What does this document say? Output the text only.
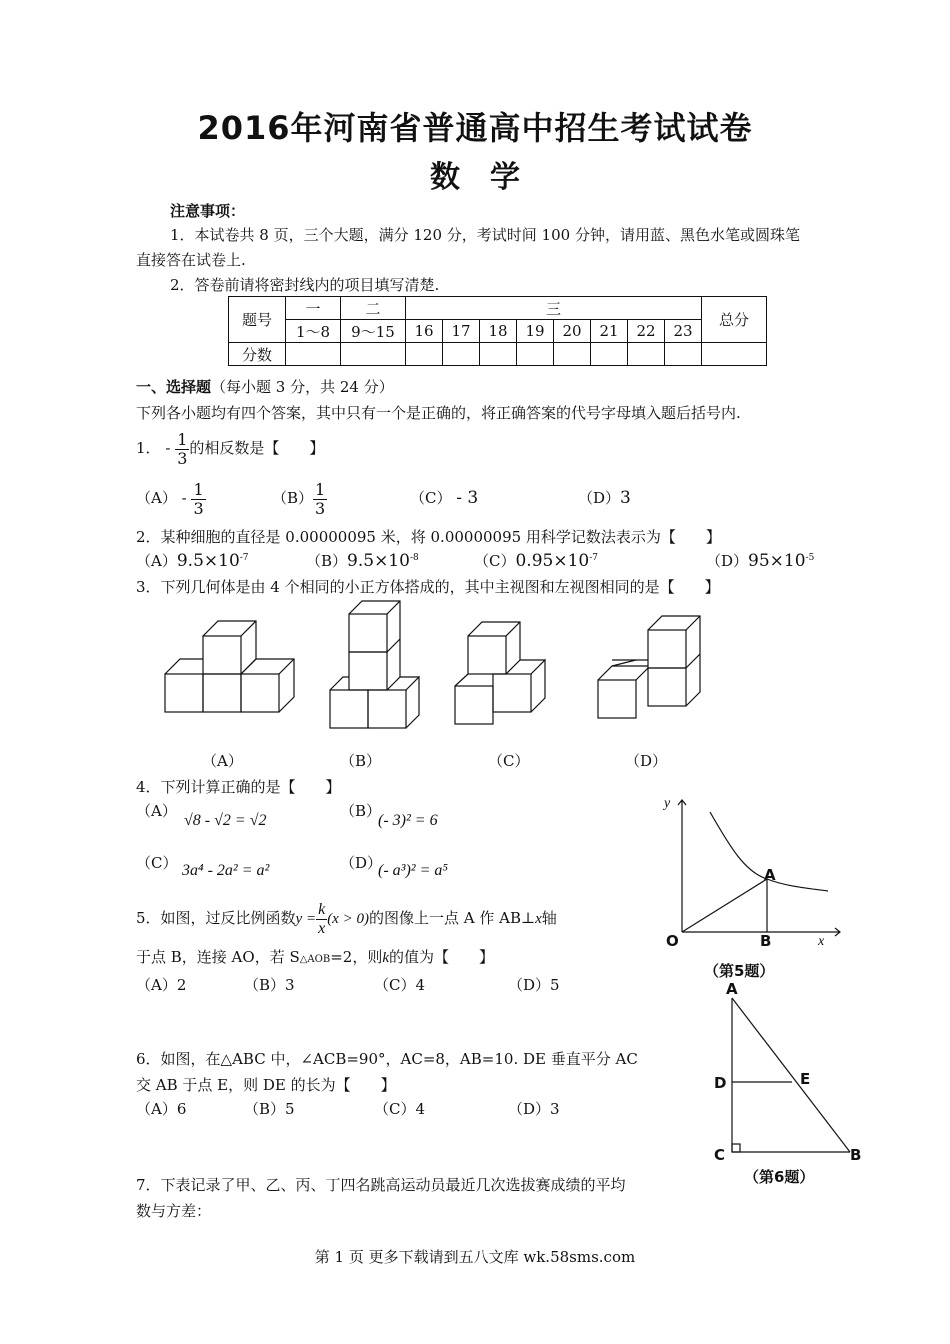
2016年河南省普通高中招生考试试卷
数　学
注意事项：
1．本试卷共 8 页，三个大题，满分 120 分，考试时间 100 分钟，请用蓝、黑色水笔或圆珠笔
直接答在试卷上.
2．答卷前请将密封线内的项目填写清楚.
题号	一	二	三								总分
	1～8	9～15	16	17	18	19	20	21	22	23	
分数											
一、选择题（每小题 3 分，共 24 分）
下列各小题均有四个答案，其中只有一个是正确的，将正确答案的代号字母填入题后括号内.
1． - $\frac{1}{3}$ 的相反数是【　　】
$(A) - \frac{1}{3}$	$(B) \frac{1}{3}$	（C） - 3	（D）3
2．某种细胞的直径是 0.00000095 米，将 0.00000095 用科学记数法表示为【　　】
$(A)9.5\times 10^{-7}$	$(B)9.5\times 10^{-8}$	$(C)0.95\times 10^{-7}$	$(D)95\times 10^{-5}$
3．下列几何体是由 4 个相同的小正方体搭成的，其中主视图和左视图相同的是【　　】
（A）	（B）	（C）	（D）
4．下列计算正确的是【　　】
（A）
√8 - √2 = √2
（B）
(- 3)² = 6
（C） 3a⁴ - 2a² = a²	（D）
(- a³)² = a⁵
5．如图，过反比例函数$y = \frac{k}{x} (x > 0)$的图像上一点 A 作 AB⊥x轴
于点 B，连接 AO，若 S△AOB=2，则k的值为【　　】
（A）2	（B）3	（C）4	（D）5
y
x
O
A
B
（第5题）
6．如图，在△ABC 中，∠ACB=90°，AC=8，AB=10. DE 垂直平分 AC
交 AB 于点 E，则 DE 的长为【　　】
（A）6	（B）5	（C）4	（D）3
A
D	E
C	B
（第6题）
7．下表记录了甲、乙、丙、丁四名跳高运动员最近几次选拔赛成绩的平均
数与方差：
第 1 页 更多下载请到五八文库 wk.58sms.com
